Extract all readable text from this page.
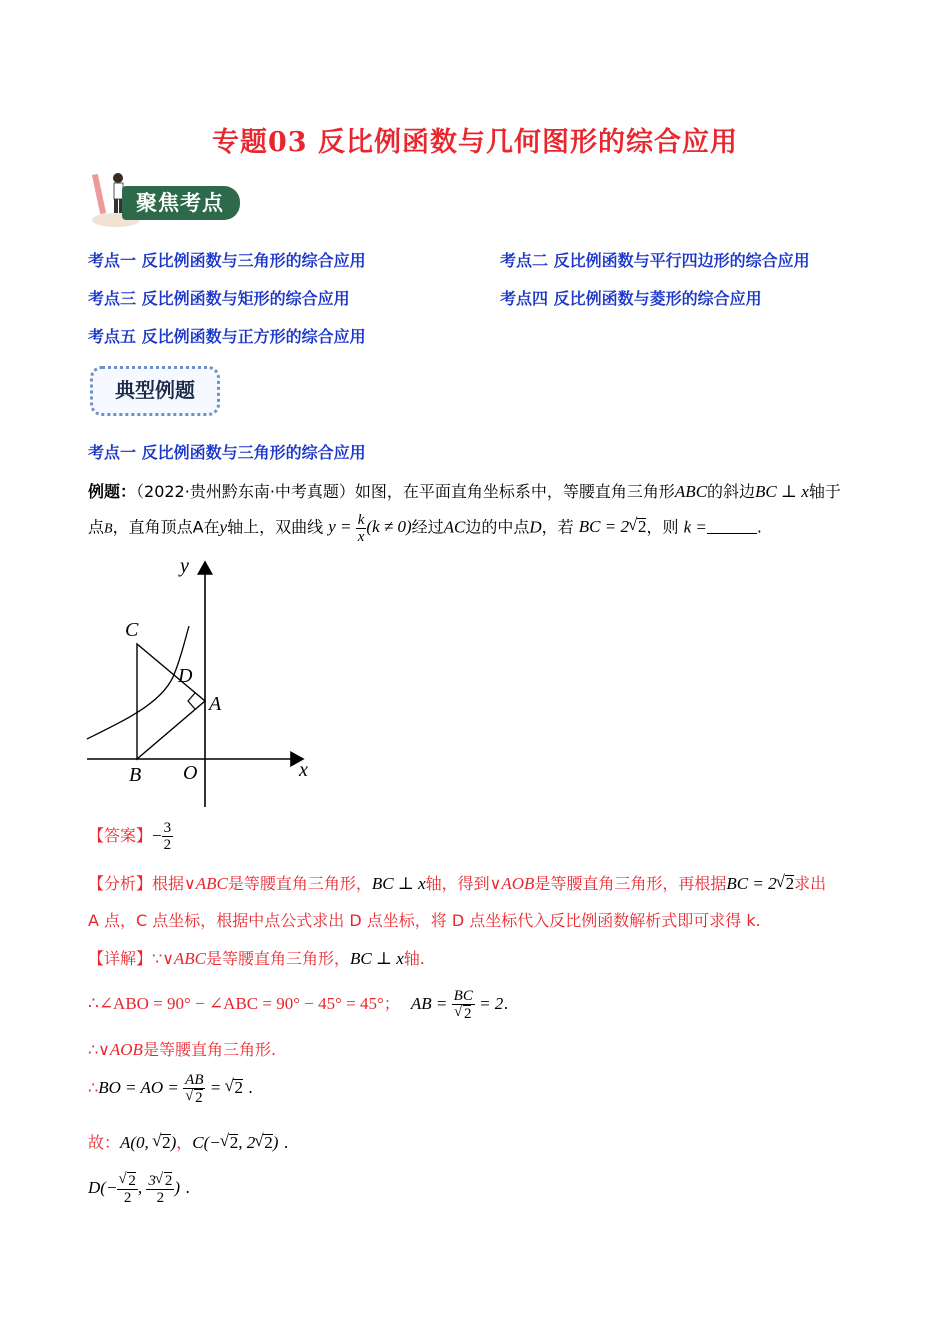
专题03 反比例函数与几何图形的综合应用
聚焦考点
考点一 反比例函数与三角形的综合应用	考点二 反比例函数与平行四边形的综合应用
考点三 反比例函数与矩形的综合应用	考点四 反比例函数与菱形的综合应用
考点五 反比例函数与正方形的综合应用
典型例题
考点一 反比例函数与三角形的综合应用
例题：（2022·贵州黔东南·中考真题）如图，在平面直角坐标系中，等腰直角三角形ABC的斜边BC ⊥ x轴于
点B，直角顶点A在y轴上，双曲线 $y = \frac{k}{x} (k \ne 0)$经过AC边的中点D，若 BC = 2 √ 2，则 k =	.
y
x
C
D
A
B O
【答案】− $\frac{3}{2}$
【分析】根据∨ABC是等腰直角三角形，BC ⊥ x轴，得到∨AOB是等腰直角三角形，再根据BC = 2 √ 2求出
A 点，C 点坐标，根据中点公式求出 D 点坐标，将 D 点坐标代入反比例函数解析式即可求得 k.
【详解】∵∨ABC是等腰直角三角形，BC ⊥ x轴.
∴∠ABO = 90° − ∠ABC = 90° − 45° = 45°； AB = BC
√ 2 = 2.
∴∨AOB是等腰直角三角形.
∴BO = AO = AB
√ 2 = √ 2 .
故：A(0, √ 2)，C(− √ 2, 2 √ 2) .
D(− √ $\frac{2}{2}$ , $\frac{3 √ 2}{2}$ ) .
